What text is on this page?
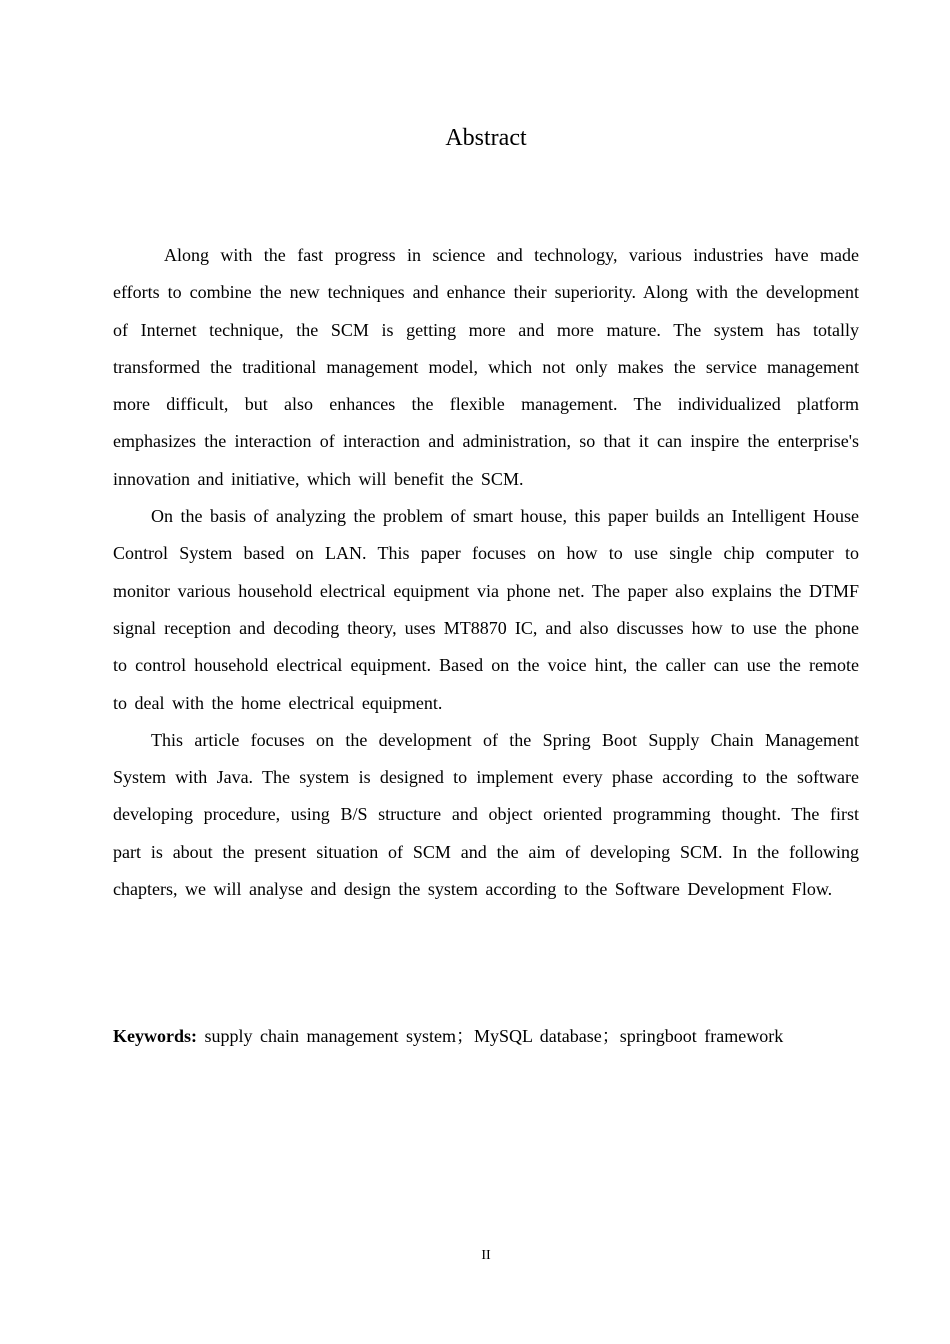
Abstract

Along with the fast progress in science and technology, various industries have made efforts to combine the new techniques and enhance their superiority. Along with the development of Internet technique, the SCM is getting more and more mature. The system has totally transformed the traditional management model, which not only makes the service management more difficult, but also enhances the flexible management. The individualized platform emphasizes the interaction of interaction and administration, so that it can inspire the enterprise's innovation and initiative, which will benefit the SCM.

On the basis of analyzing the problem of smart house, this paper builds an Intelligent House Control System based on LAN. This paper focuses on how to use single chip computer to monitor various household electrical equipment via phone net. The paper also explains the DTMF signal reception and decoding theory, uses MT8870 IC, and also discusses how to use the phone to control household electrical equipment. Based on the voice hint, the caller can use the remote to deal with the home electrical equipment.

This article focuses on the development of the Spring Boot Supply Chain Management System with Java. The system is designed to implement every phase according to the software developing procedure, using B/S structure and object oriented programming thought. The first part is about the present situation of SCM and the aim of developing SCM. In the following chapters, we will analyse and design the system according to the Software Development Flow.

Keywords: supply chain management system；MySQL database；springboot framework
II
